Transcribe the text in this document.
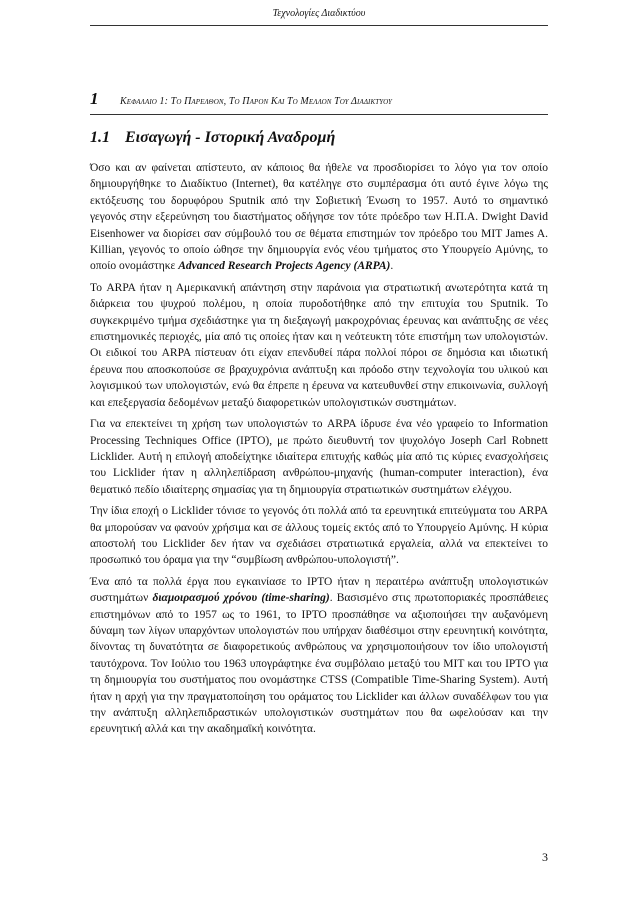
Τεχνολογίες Διαδικτύου
1 Κεφαλαιο 1: Το Παρελθον, Το Παρον Και Το Μελλον Του Διαδικτυου
1.1 Εισαγωγή - Ιστορική Αναδρομή

Όσο και αν φαίνεται απίστευτο, αν κάποιος θα ήθελε να προσδιορίσει το λόγο για τον οποίο δημιουργήθηκε το Διαδίκτυο (Internet), θα κατέληγε στο συμπέρασμα ότι αυτό έγινε λόγω της εκτόξευσης του δορυφόρου Sputnik από την Σοβιετική Ένωση το 1957. Αυτό το σημαντικό γεγονός στην εξερεύνηση του διαστήματος οδήγησε τον τότε πρόεδρο των Η.Π.Α. Dwight David Eisenhower να διορίσει σαν σύμβουλό του σε θέματα επιστημών τον πρόεδρο του MIT James A. Killian, γεγονός το οποίο ώθησε την δημιουργία ενός νέου τμήματος στο Υπουργείο Αμύνης, το οποίο ονομάστηκε Advanced Research Projects Agency (ARPA).

Το ARPA ήταν η Αμερικανική απάντηση στην παράνοια για στρατιωτική ανωτερότητα κατά τη διάρκεια του ψυχρού πολέμου, η οποία πυροδοτήθηκε από την επιτυχία του Sputnik. Το συγκεκριμένο τμήμα σχεδιάστηκε για τη διεξαγωγή μακροχρόνιας έρευνας και ανάπτυξης σε νέες επιστημονικές περιοχές, μία από τις οποίες ήταν και η νεότευκτη τότε επιστήμη των υπολογιστών. Οι ειδικοί του ARPA πίστευαν ότι είχαν επενδυθεί πάρα πολλοί πόροι σε δημόσια και ιδιωτική έρευνα που αποσκοπούσε σε βραχυχρόνια ανάπτυξη και πρόοδο στην τεχνολογία του υλικού και λογισμικού των υπολογιστών, ενώ θα έπρεπε η έρευνα να κατευθυνθεί στην επικοινωνία, συλλογή και επεξεργασία δεδομένων μεταξύ διαφορετικών υπολογιστικών συστημάτων.

Για να επεκτείνει τη χρήση των υπολογιστών το ARPA ίδρυσε ένα νέο γραφείο το Information Processing Techniques Office (IPTO), με πρώτο διευθυντή τον ψυχολόγο Joseph Carl Robnett Licklider. Αυτή η επιλογή αποδείχτηκε ιδιαίτερα επιτυχής καθώς μία από τις κύριες ενασχολήσεις του Licklider ήταν η αλληλεπίδραση ανθρώπου-μηχανής (human-computer interaction), ένα θεματικό πεδίο ιδιαίτερης σημασίας για τη δημιουργία στρατιωτικών συστημάτων ελέγχου.

Την ίδια εποχή ο Licklider τόνισε το γεγονός ότι πολλά από τα ερευνητικά επιτεύγματα του ARPA θα μπορούσαν να φανούν χρήσιμα και σε άλλους τομείς εκτός από το Υπουργείο Αμύνης. Η κύρια αποστολή του Licklider δεν ήταν να σχεδιάσει στρατιωτικά εργαλεία, αλλά να επεκτείνει το προσωπικό του όραμα για την “συμβίωση ανθρώπου-υπολογιστή”.

Ένα από τα πολλά έργα που εγκαινίασε το IPTO ήταν η περαιτέρω ανάπτυξη υπολογιστικών συστημάτων διαμοιρασμού χρόνου (time-sharing). Βασισμένο στις πρωτοποριακές προσπάθειες επιστημόνων από το 1957 ως το 1961, το IPTO προσπάθησε να αξιοποιήσει την αυξανόμενη δύναμη των λίγων υπαρχόντων υπολογιστών που υπήρχαν διαθέσιμοι στην ερευνητική κοινότητα, δίνοντας τη δυνατότητα σε διαφορετικούς ανθρώπους να χρησιμοποιήσουν τον ίδιο υπολογιστή ταυτόχρονα. Τον Ιούλιο του 1963 υπογράφτηκε ένα συμβόλαιο μεταξύ του MIT και του IPTO για τη δημιουργία του συστήματος που ονομάστηκε CTSS (Compatible Time-Sharing System). Αυτή ήταν η αρχή για την πραγματοποίηση του οράματος του Licklider και άλλων συναδέλφων του για την ανάπτυξη αλληλεπιδραστικών υπολογιστικών συστημάτων που θα ωφελούσαν και την ερευνητική αλλά και την ακαδημαϊκή κοινότητα.

3
